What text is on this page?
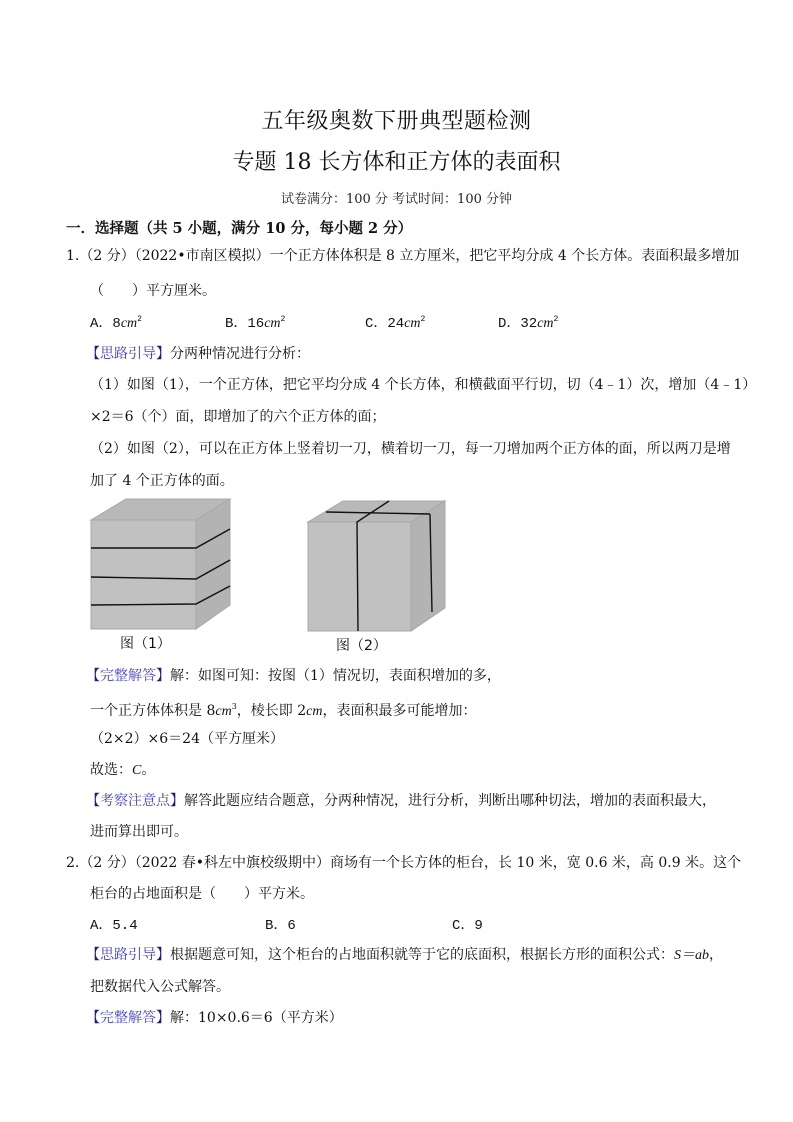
五年级奥数下册典型题检测
专题 18 长方体和正方体的表面积
试卷满分：100 分 考试时间：100 分钟
一．选择题（共 5 小题，满分 10 分，每小题 2 分）
1.（2 分）（2022•市南区模拟）一个正方体体积是 8 立方厘米，把它平均分成 4 个长方体。表面积最多增加
（　　）平方厘米。
A．$8cm^2$	B．$16cm^2$	C．$24cm^2$	D．$32cm^2$
【思路引导】分两种情况进行分析：
（1）如图（1），一个正方体，把它平均分成 4 个长方体，和横截面平行切，切（4﹣1）次，增加（4﹣1）
×2＝6（个）面，即增加了的六个正方体的面；
（2）如图（2），可以在正方体上竖着切一刀，横着切一刀，每一刀增加两个正方体的面，所以两刀是增
加了 4 个正方体的面。
图（1）	图（2）
【完整解答】解：如图可知：按图（1）情况切，表面积增加的多，
一个正方体体积是 $8cm^3$，棱长即 2cm，表面积最多可能增加：
（2×2）×6＝24（平方厘米）
故选：C。
【考察注意点】解答此题应结合题意，分两种情况，进行分析，判断出哪种切法，增加的表面积最大，
进而算出即可。
2.（2 分）（2022 春•科左中旗校级期中）商场有一个长方体的柜台，长 10 米，宽 0.6 米，高 0.9 米。这个
柜台的占地面积是（　　）平方米。
A．5.4	B．6	C．9
【思路引导】根据题意可知，这个柜台的占地面积就等于它的底面积，根据长方形的面积公式：S＝ab，
把数据代入公式解答。
【完整解答】解：10×0.6＝6（平方米）
